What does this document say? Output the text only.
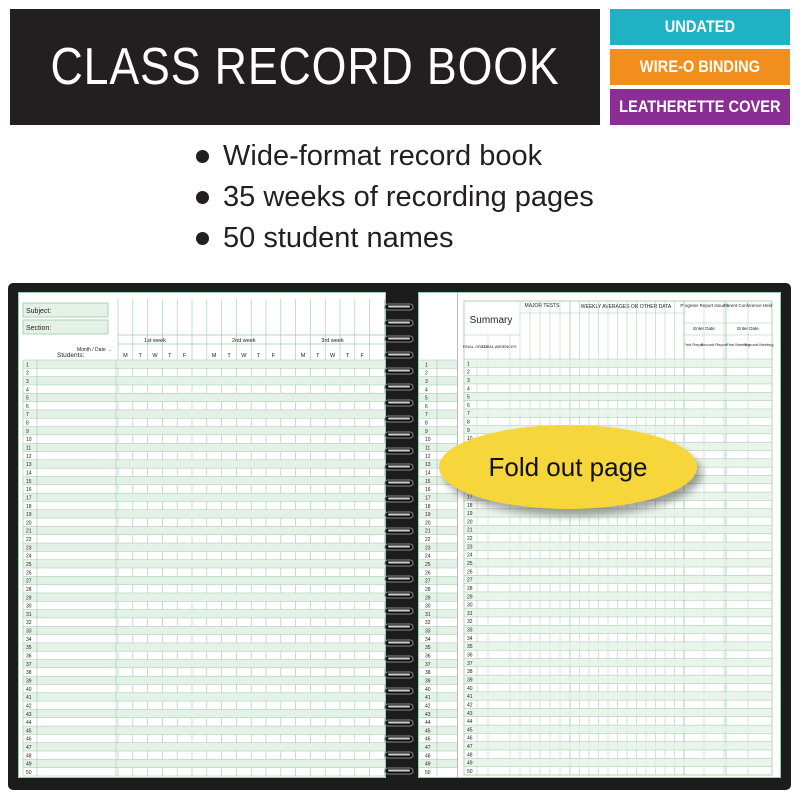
CLASS RECORD BOOK
UNDATED
WIRE-O BINDING
LEATHERETTE COVER
Wide-format record book
35 weeks of recording pages
50 student names
Subject:
Section:
Month / Date →
Students:
1st week
M T W T F
2nd week
M T W T F
3rd week
M T W T F
1
2
3
4
5
6
7
8
9
10
11
12
13
14
15
16
17
18
19
20
21
22
23
24
25
26
27
28
29
30
31
32
33
34
35
36
37
38
39
40
41
42
43
44
45
46
47
48
49
50
1
2
3
4
5
6
7
8
9
10
11
12
13
14
15
16
17
18
19
20
21
22
23
24
25
26
27
28
29
30
31
32
33
34
35
36
37
38
39
40
41
42
43
44
45
46
47
48
49
50
Summary
FINAL GRADE
TOTAL ABSENCES
MAJOR TESTS	WEEKLY AVERAGES OR OTHER DATA Progress Report Issued
Enter Date
First Report
Second Report
Parent Conference Held
Enter Date
First Meeting
Second Meeting
1
2
3
4
5
6
7
8
9
17
18
19
20
21
22
23
24
25
26
27
28
29
30
31
32
33
34
35
36
37
38
39
40
41
42
43
44
45
46
47
48
49
50
Fold out page
